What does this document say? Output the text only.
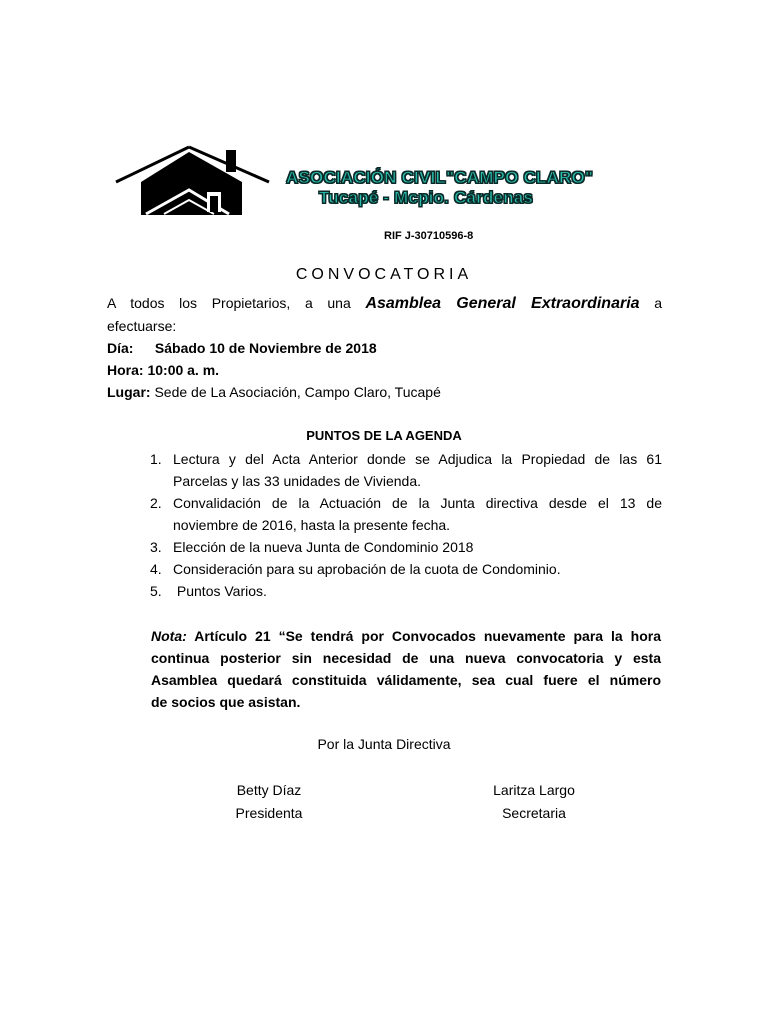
ASOCIACIÓN CIVIL"CAMPO CLARO"
Tucapé - Mcpio. Cárdenas
RIF J-30710596-8
CONVOCATORIA
A todos los Propietarios, a una Asamblea General Extraordinaria a
efectuarse:
Día: Sábado 10 de Noviembre de 2018
Hora: 10:00 a. m.
Lugar: Sede de La Asociación, Campo Claro, Tucapé
PUNTOS DE LA AGENDA
1. Lectura y del Acta Anterior donde se Adjudica la Propiedad de las 61
Parcelas y las 33 unidades de Vivienda.
2. Convalidación de la Actuación de la Junta directiva desde el 13 de
noviembre de 2016, hasta la presente fecha.
3. Elección de la nueva Junta de Condominio 2018
4. Consideración para su aprobación de la cuota de Condominio.
5. Puntos Varios.
Nota: Artículo 21 “Se tendrá por Convocados nuevamente para la hora
continua posterior sin necesidad de una nueva convocatoria y esta
Asamblea quedará constituida válidamente, sea cual fuere el número
de socios que asistan.
Por la Junta Directiva
Betty Díaz
Presidenta
Laritza Largo
Secretaria
